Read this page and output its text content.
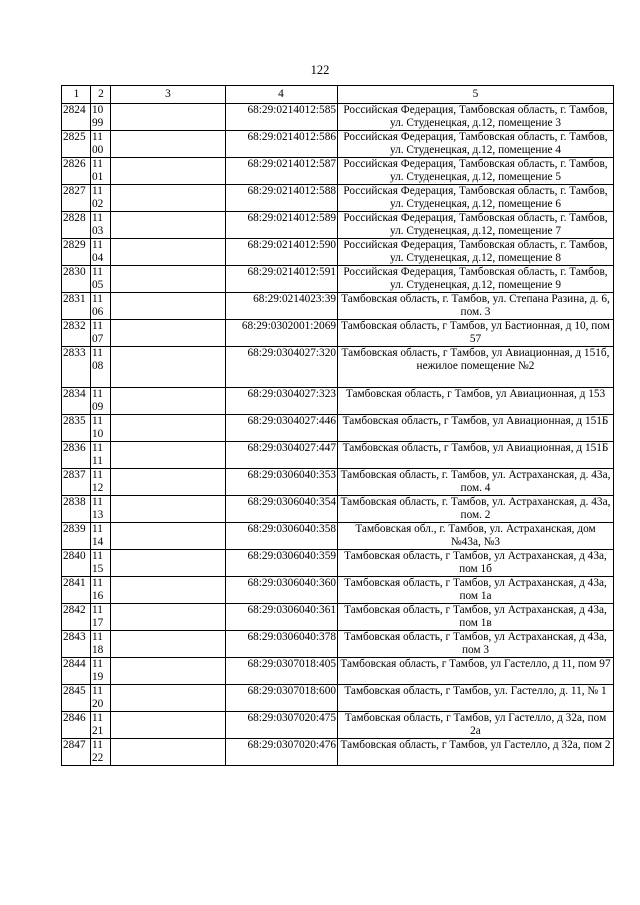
122
1	2	3	4	5
2824	1099		68:29:0214012:585	Российская Федерация, Тамбовская область, г. Тамбов, ул. Студенецкая, д.12, помещение 3
2825	1100		68:29:0214012:586	Российская Федерация, Тамбовская область, г. Тамбов, ул. Студенецкая, д.12, помещение 4
2826	1101		68:29:0214012:587	Российская Федерация, Тамбовская область, г. Тамбов, ул. Студенецкая, д.12, помещение 5
2827	1102		68:29:0214012:588	Российская Федерация, Тамбовская область, г. Тамбов, ул. Студенецкая, д.12, помещение 6
2828	1103		68:29:0214012:589	Российская Федерация, Тамбовская область, г. Тамбов, ул. Студенецкая, д.12, помещение 7
2829	1104		68:29:0214012:590	Российская Федерация, Тамбовская область, г. Тамбов, ул. Студенецкая, д.12, помещение 8
2830	1105		68:29:0214012:591	Российская Федерация, Тамбовская область, г. Тамбов, ул. Студенецкая, д.12, помещение 9
2831	1106		68:29:0214023:39	Тамбовская область, г. Тамбов, ул. Степана Разина, д. 6, пом. 3
2832	1107		68:29:0302001:2069	Тамбовская область, г Тамбов, ул Бастионная, д 10, пом 57
2833	1108		68:29:0304027:320	Тамбовская область, г Тамбов, ул Авиационная, д 151б, нежилое помещение №2
2834	1109		68:29:0304027:323	Тамбовская область, г Тамбов, ул Авиационная, д 153
2835	1110		68:29:0304027:446	Тамбовская область, г Тамбов, ул Авиационная, д 151Б
2836	1111		68:29:0304027:447	Тамбовская область, г Тамбов, ул Авиационная, д 151Б
2837	1112		68:29:0306040:353	Тамбовская область, г. Тамбов, ул. Астраханская, д. 43а, пом. 4
2838	1113		68:29:0306040:354	Тамбовская область, г. Тамбов, ул. Астраханская, д. 43а, пом. 2
2839	1114		68:29:0306040:358	Тамбовская обл., г. Тамбов, ул. Астраханская, дом №43а, №3
2840	1115		68:29:0306040:359	Тамбовская область, г Тамбов, ул Астраханская, д 43а, пом 1б
2841	1116		68:29:0306040:360	Тамбовская область, г Тамбов, ул Астраханская, д 43а, пом 1а
2842	1117		68:29:0306040:361	Тамбовская область, г Тамбов, ул Астраханская, д 43а, пом 1в
2843	1118		68:29:0306040:378	Тамбовская область, г Тамбов, ул Астраханская, д 43а, пом 3
2844	1119		68:29:0307018:405	Тамбовская область, г Тамбов, ул Гастелло, д 11, пом 97
2845	1120		68:29:0307018:600	Тамбовская область, г Тамбов, ул. Гастелло, д. 11, № 1
2846	1121		68:29:0307020:475	Тамбовская область, г Тамбов, ул Гастелло, д 32а, пом 2а
2847	1122		68:29:0307020:476	Тамбовская область, г Тамбов, ул Гастелло, д 32а, пом 2
